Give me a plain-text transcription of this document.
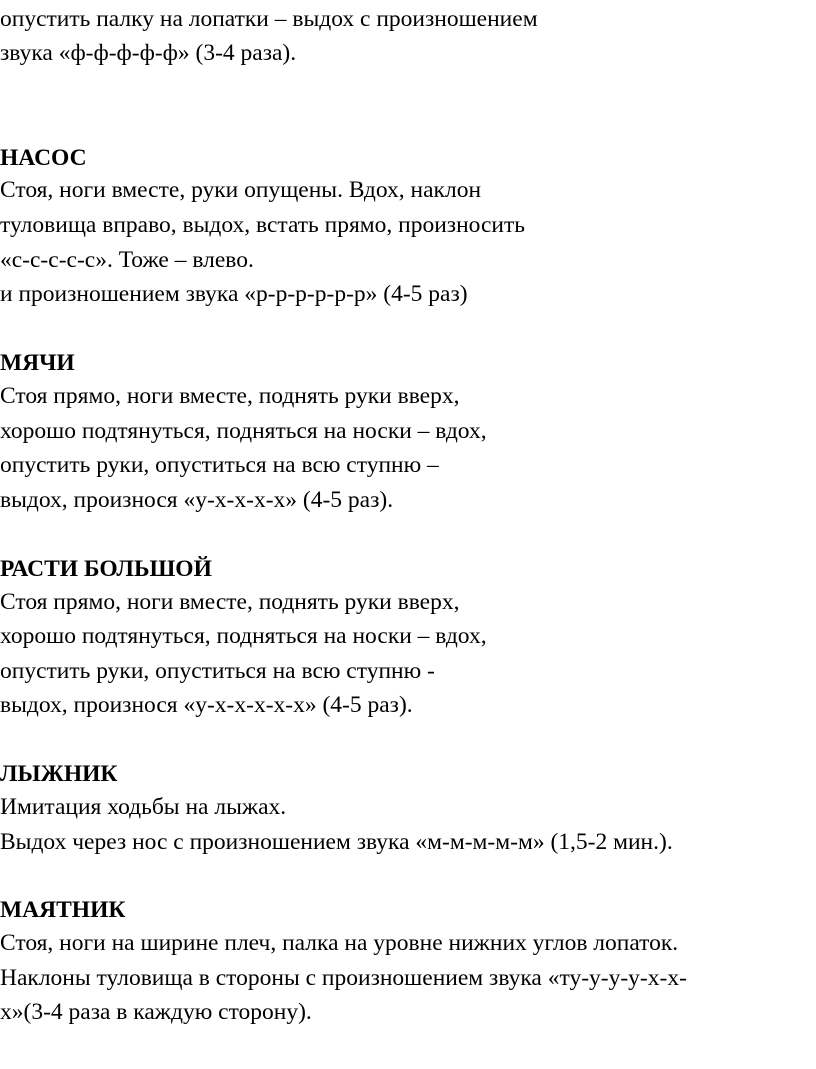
опустить палку на лопатки – выдох с произношением

звука «ф-ф-ф-ф-ф» (3-4 раза).

НАСОС

Стоя, ноги вместе, руки опущены. Вдох, наклон

туловища вправо, выдох, встать прямо, произносить

«с-с-с-с-с». Тоже – влево.

и произношением звука «р-р-р-р-р-р» (4-5 раз)

МЯЧИ

Стоя прямо, ноги вместе, поднять руки вверх,

хорошо подтянуться, подняться на носки – вдох,

опустить руки, опуститься на всю ступню –

выдох, произнося «у-х-х-х-х» (4-5 раз).

РАСТИ БОЛЬШОЙ

Стоя прямо, ноги вместе, поднять руки вверх,

хорошо подтянуться, подняться на носки – вдох,

опустить руки, опуститься на всю ступню -

выдох, произнося «у-х-х-х-х-х» (4-5 раз).

ЛЫЖНИК

Имитация ходьбы на лыжах.

Выдох через нос с произношением звука «м-м-м-м-м» (1,5-2 мин.).

МАЯТНИК

Стоя, ноги на ширине плеч, палка на уровне нижних углов лопаток.

Наклоны туловища в стороны с произношением звука «ту-у-у-у-х-х-

х»(3-4 раза в каждую сторону).
